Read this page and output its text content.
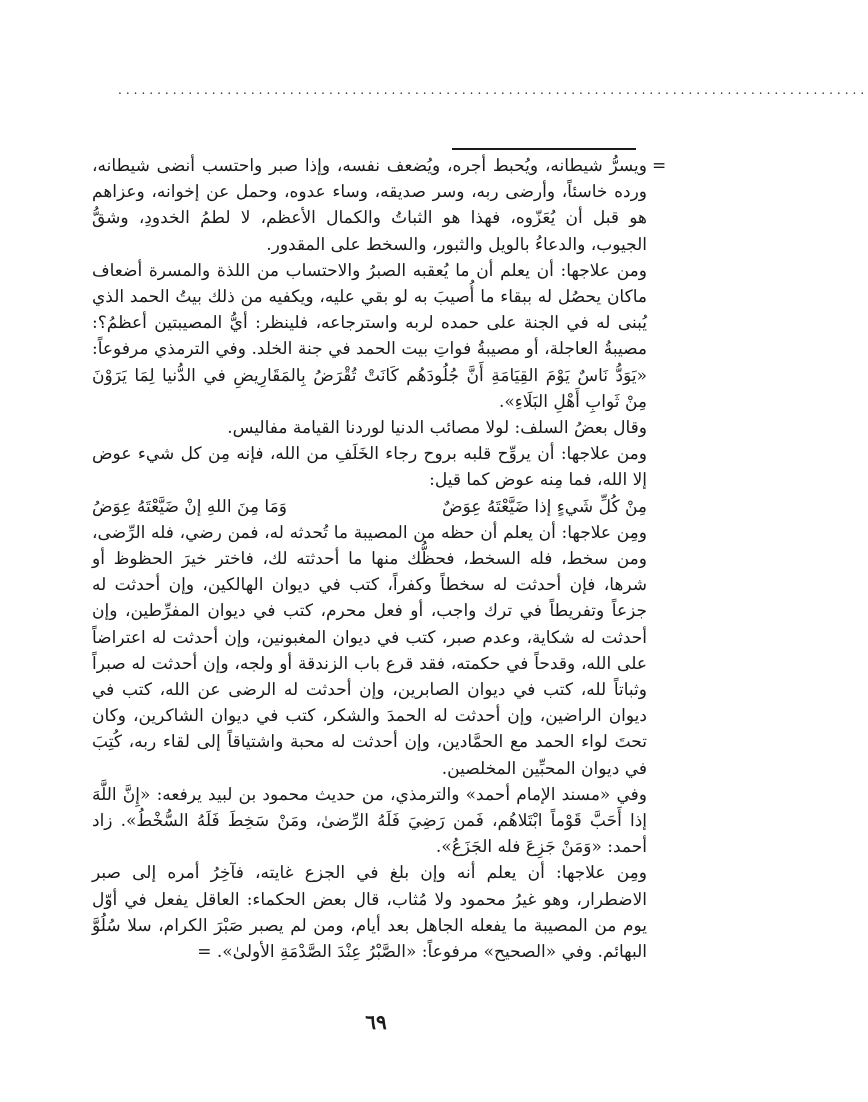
................................................................................................
=

ويسرُّ شيطانه، ويُحبط أجره، ويُضعف نفسه، وإذا صبر واحتسب أنضى شيطانه، ورده خاسئاً، وأرضى ربه، وسر صديقه، وساء عدوه، وحمل عن إخوانه، وعزاهم هو قبل أن يُعَزّوه، فهذا هو الثباتُ والكمال الأعظم، لا لطمُ الخدودِ، وشقُّ الجيوب، والدعاءُ بالويل والثبور، والسخط على المقدور.

ومن علاجها: أن يعلم أن ما يُعقبه الصبرُ والاحتساب من اللذة والمسرة أضعاف ماكان يحصُل له ببقاء ما أُصيبَ به لو بقي عليه، ويكفيه من ذلك بيتُ الحمد الذي يُبنى له في الجنة على حمده لربه واسترجاعه، فلينظر: أيُّ المصيبتين أعظمُ؟: مصيبةُ العاجلة، أو مصيبةُ فواتِ بيت الحمد في جنة الخلد. وفي الترمذي مرفوعاً: «يَوَدُّ نَاسٌ يَوْمَ القِيَامَةِ أَنَّ جُلُودَهُم كَانَتْ تُقْرَضُ بِالمَقَارِيضِ في الدُّنيا لِمَا يَرَوْنَ مِنْ ثَوابِ أَهْلِ البَلَاءِ».

وقال بعضُ السلف: لولا مصائب الدنيا لوردنا القيامة مفاليس.

ومن علاجها: أن يروِّح قلبه بروح رجاء الخَلَفِ من الله، فإنه مِن كل شيء عوض إلا الله، فما مِنه عوض كما قيل:

مِنْ كُلِّ شَيءٍ إذا ضَيَّعْتَهُ عِوَضٌ
وَمَا مِنَ اللهِ إنْ ضَيَّعْتَهُ عِوَضُ

ومِن علاجها: أن يعلم أن حظه من المصيبة ما تُحدثه له، فمن رضي، فله الرِّضى، ومن سخط، فله السخط، فحظُّك منها ما أحدثته لك، فاختر خيرَ الحظوظ أو شرها، فإن أحدثت له سخطاً وكفراً، كتب في ديوان الهالكين، وإن أحدثت له جزعاً وتفريطاً في ترك واجب، أو فعل محرم، كتب في ديوان المفرِّطين، وإن أحدثت له شكاية، وعدم صبر، كتب في ديوان المغبونين، وإن أحدثت له اعتراضاً على الله، وقدحاً في حكمته، فقد قرع باب الزندقة أو ولجه، وإن أحدثت له صبراً وثباتاً لله، كتب في ديوان الصابرين، وإن أحدثت له الرضى عن الله، كتب في ديوان الراضين، وإن أحدثت له الحمدَ والشكر، كتب في ديوان الشاكرين، وكان تحتَ لواء الحمد مع الحمَّادين، وإن أحدثت له محبة واشتياقاً إلى لقاء ربه، كُتِبَ في ديوان المحبِّين المخلصين.

وفي «مسند الإمام أحمد» والترمذي، من حديث محمود بن لبيد يرفعه: «إِنَّ اللَّهَ إذا أَحَبَّ قَوْماً ابْتَلاهُم، فَمن رَضِيَ فَلَهُ الرِّضىٰ، ومَنْ سَخِطَ فَلَهُ السُّخْطُ». زاد أحمد: «وَمَنْ جَزِعَ فله الجَزَعُ».

ومِن علاجها: أن يعلم أنه وإن بلغ في الجزع غايته، فآخِرُ أمره إلى صبر الاضطرار، وهو غيرُ محمود ولا مُثاب، قال بعض الحكماء: العاقل يفعل في أوّل يوم من المصيبة ما يفعله الجاهل بعد أيام، ومن لم يصبر صَبْرَ الكرام، سلا سُلُوَّ البهائم. وفي «الصحيح» مرفوعاً: «الصَّبْرُ عِنْدَ الصَّدْمَةِ الأولىٰ». =

٦٩
